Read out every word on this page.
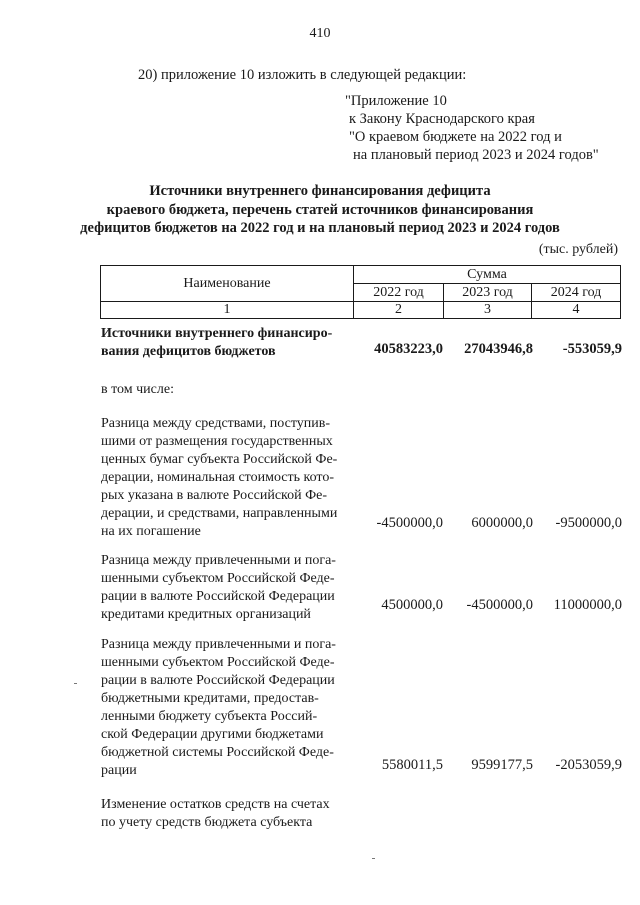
410
20) приложение 10 изложить в следующей редакции:
"Приложение 10
к Закону Краснодарского края
"О краевом бюджете на 2022 год и
на плановый период 2023 и 2024 годов"
Источники внутреннего финансирования дефицита
краевого бюджета, перечень статей источников финансирования
дефицитов бюджетов на 2022 год и на плановый период 2023 и 2024 годов
(тыс. рублей)
Наименование	Сумма		
	2022 год	2023 год	2024 год
1	2	3	4
Источники внутреннего финансиро-
вания дефицитов бюджетов	40583223,0 27043946,8 -553059,9
в том числе:
Разница между средствами, поступив-
шими от размещения государственных
ценных бумаг субъекта Российской Фе-
дерации, номинальная стоимость кото-
рых указана в валюте Российской Фе-
дерации, и средствами, направленными
на их погашение
-4500000,0 6000000,0 -9500000,0
Разница между привлеченными и пога-
шенными субъектом Российской Феде-
рации в валюте Российской Федерации
кредитами кредитных организаций
4500000,0 -4500000,0 11000000,0
Разница между привлеченными и пога-
шенными субъектом Российской Феде-
рации в валюте Российской Федерации
бюджетными кредитами, предостав-
ленными бюджету субъекта Россий-
ской Федерации другими бюджетами
бюджетной системы Российской Феде-
рации	5580011,5 9599177,5 -2053059,9
Изменение остатков средств на счетах
по учету средств бюджета субъекта
